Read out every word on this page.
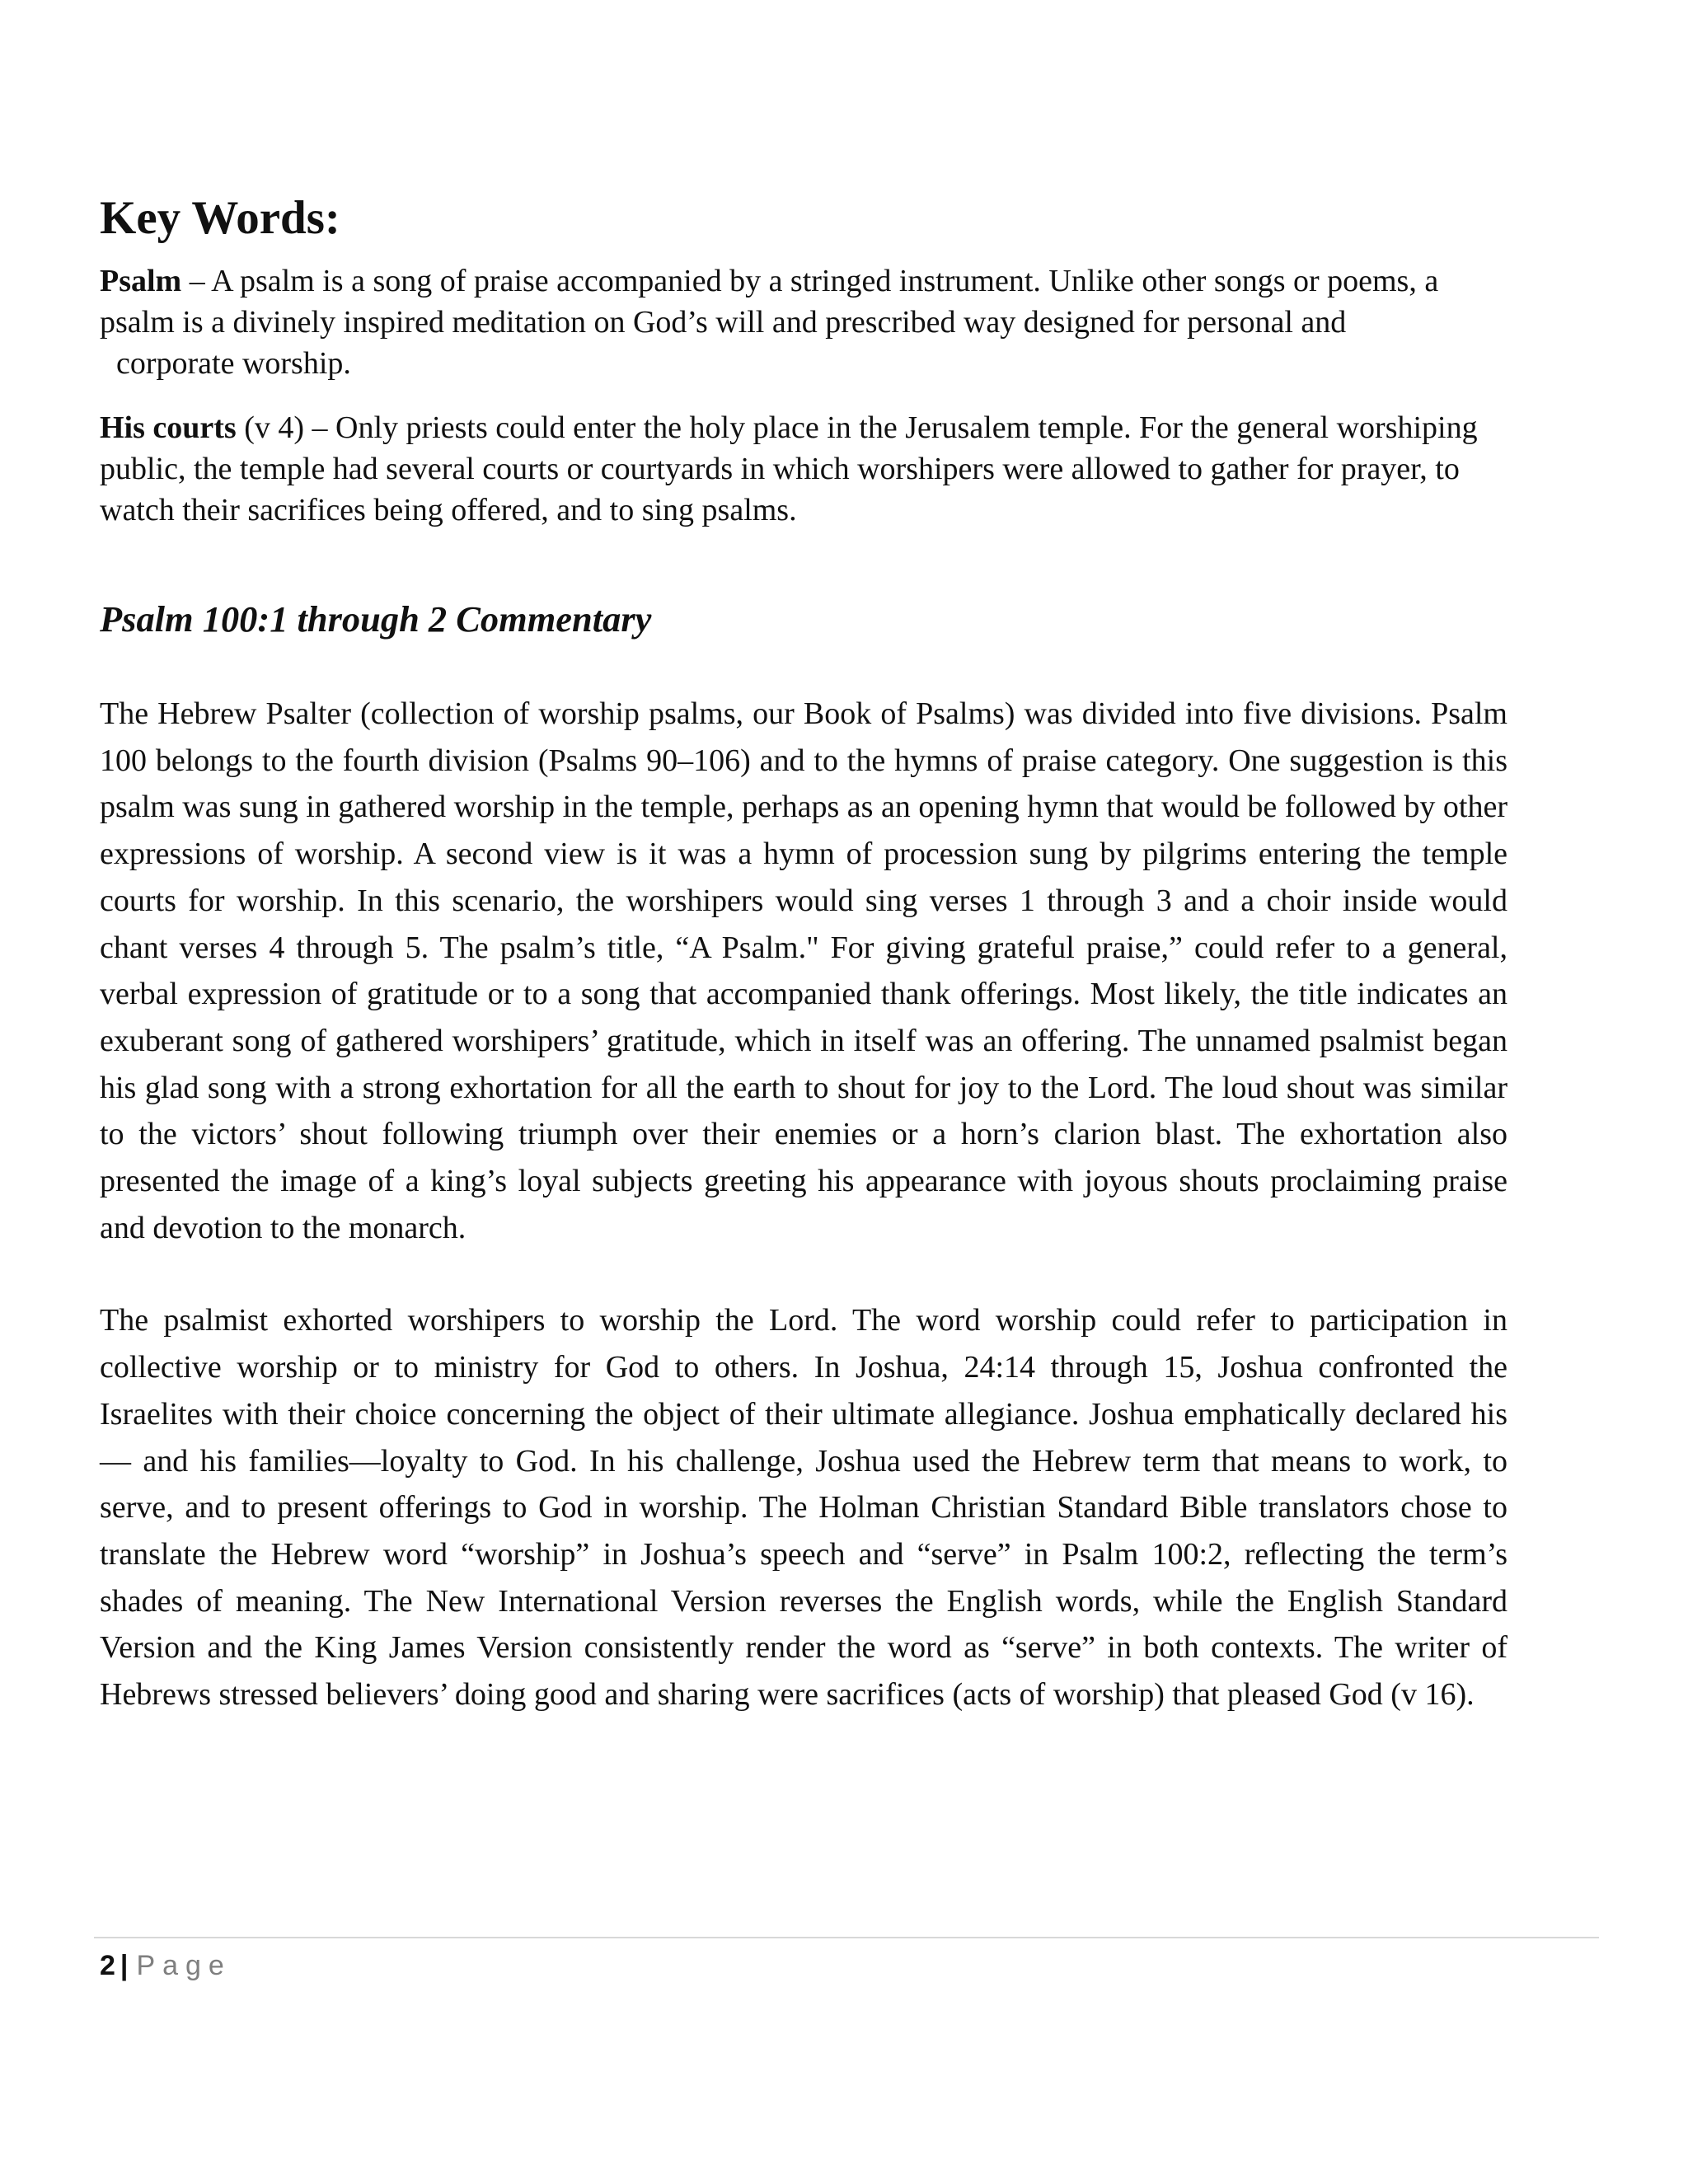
Key Words:

Psalm – A psalm is a song of praise accompanied by a stringed instrument. Unlike other songs or poems, a psalm is a divinely inspired meditation on God’s will and prescribed way designed for personal and
corporate worship.

His courts (v 4) – Only priests could enter the holy place in the Jerusalem temple. For the general worshiping public, the temple had several courts or courtyards in which worshipers were allowed to gather for prayer, to watch their sacrifices being offered, and to sing psalms.

Psalm 100:1 through 2 Commentary

The Hebrew Psalter (collection of worship psalms, our Book of Psalms) was divided into five divisions. Psalm 100 belongs to the fourth division (Psalms 90–106) and to the hymns of praise category. One suggestion is this psalm was sung in gathered worship in the temple, perhaps as an opening hymn that would be followed by other expressions of worship. A second view is it was a hymn of procession sung by pilgrims entering the temple courts for worship. In this scenario, the worshipers would sing verses 1 through 3 and a choir inside would chant verses 4 through 5. The psalm’s title, “A Psalm." For giving grateful praise,” could refer to a general, verbal expression of gratitude or to a song that accompanied thank offerings. Most likely, the title indicates an exuberant song of gathered worshipers’ gratitude, which in itself was an offering. The unnamed psalmist began his glad song with a strong exhortation for all the earth to shout for joy to the Lord. The loud shout was similar to the victors’ shout following triumph over their enemies or a horn’s clarion blast. The exhortation also presented the image of a king’s loyal subjects greeting his appearance with joyous shouts proclaiming praise and devotion to the monarch.

The psalmist exhorted worshipers to worship the Lord. The word worship could refer to participation in collective worship or to ministry for God to others. In Joshua, 24:14 through 15, Joshua confronted the Israelites with their choice concerning the object of their ultimate allegiance. Joshua emphatically declared his— and his families—loyalty to God. In his challenge, Joshua used the Hebrew term that means to work, to serve, and to present offerings to God in worship. The Holman Christian Standard Bible translators chose to translate the Hebrew word “worship” in Joshua’s speech and “serve” in Psalm 100:2, reflecting the term’s shades of meaning. The New International Version reverses the English words, while the English Standard Version and the King James Version consistently render the word as “serve” in both contexts. The writer of Hebrews stressed believers’ doing good and sharing were sacrifices (acts of worship) that pleased God (v 16).

2 | Page
